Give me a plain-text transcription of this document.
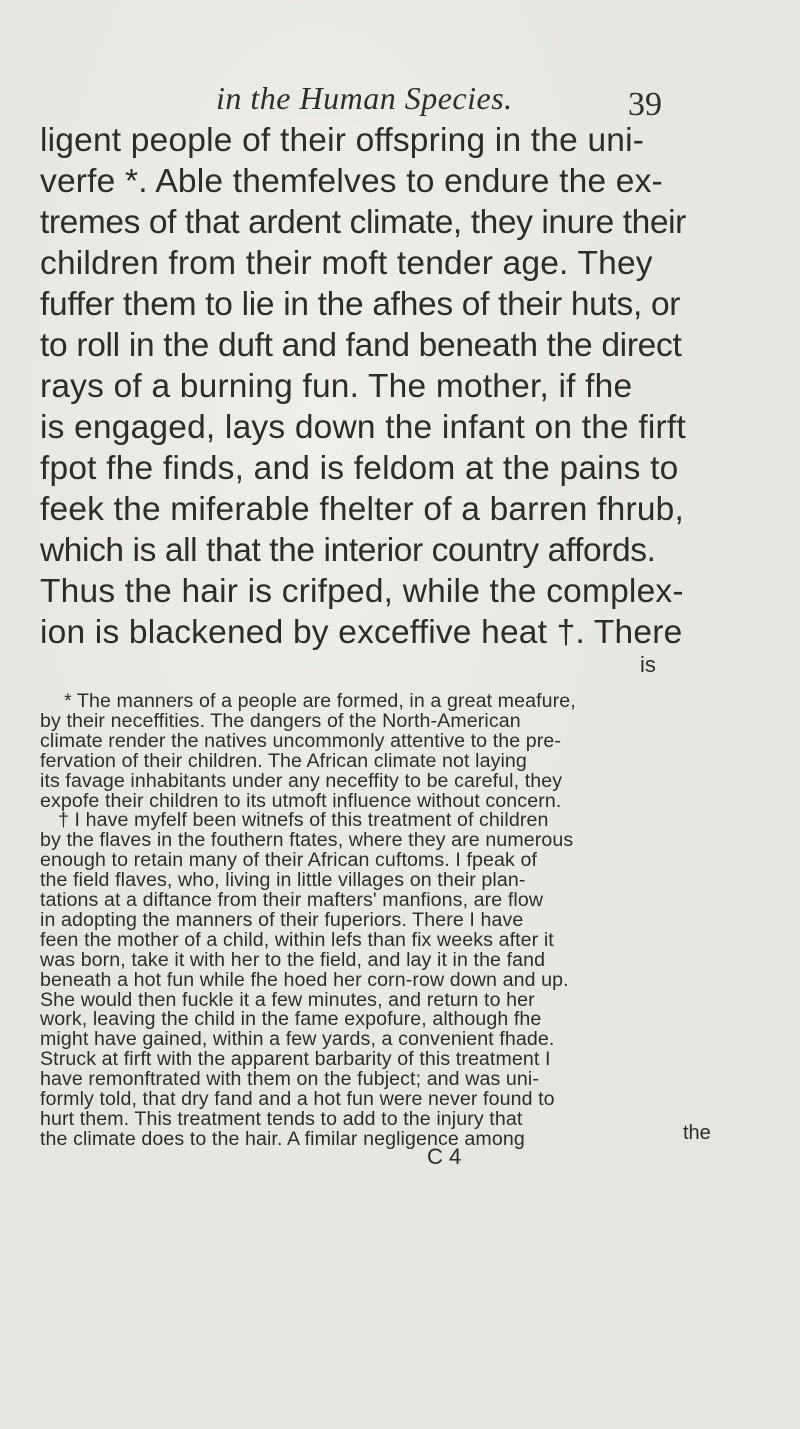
in the Human Species.	39
ligent people of their offspring in the uni-
verfe *. Able themfelves to endure the ex-
tremes of that ardent climate, they inure their
children from their moft tender age. They
fuffer them to lie in the afhes of their huts, or
to roll in the duft and fand beneath the direct
rays of a burning fun. The mother, if fhe
is engaged, lays down the infant on the firft
fpot fhe finds, and is feldom at the pains to
feek the miferable fhelter of a barren fhrub,
which is all that the interior country affords.
Thus the hair is crifped, while the complex-
ion is blackened by exceffive heat †. There
is
* The manners of a people are formed, in a great meafure,
by their neceffities. The dangers of the North-American
climate render the natives uncommonly attentive to the pre-
fervation of their children. The African climate not laying
its favage inhabitants under any neceffity to be careful, they
expofe their children to its utmoft influence without concern.
† I have myfelf been witnefs of this treatment of children
by the flaves in the fouthern ftates, where they are numerous
enough to retain many of their African cuftoms. I fpeak of
the field flaves, who, living in little villages on their plan-
tations at a diftance from their mafters' manfions, are flow
in adopting the manners of their fuperiors. There I have
feen the mother of a child, within lefs than fix weeks after it
was born, take it with her to the field, and lay it in the fand
beneath a hot fun while fhe hoed her corn-row down and up.
She would then fuckle it a few minutes, and return to her
work, leaving the child in the fame expofure, although fhe
might have gained, within a few yards, a convenient fhade.
Struck at firft with the apparent barbarity of this treatment I
have remonftrated with them on the fubject; and was uni-
formly told, that dry fand and a hot fun were never found to
hurt them. This treatment tends to add to the injury that
the climate does to the hair. A fimilar negligence among
C 4
the
